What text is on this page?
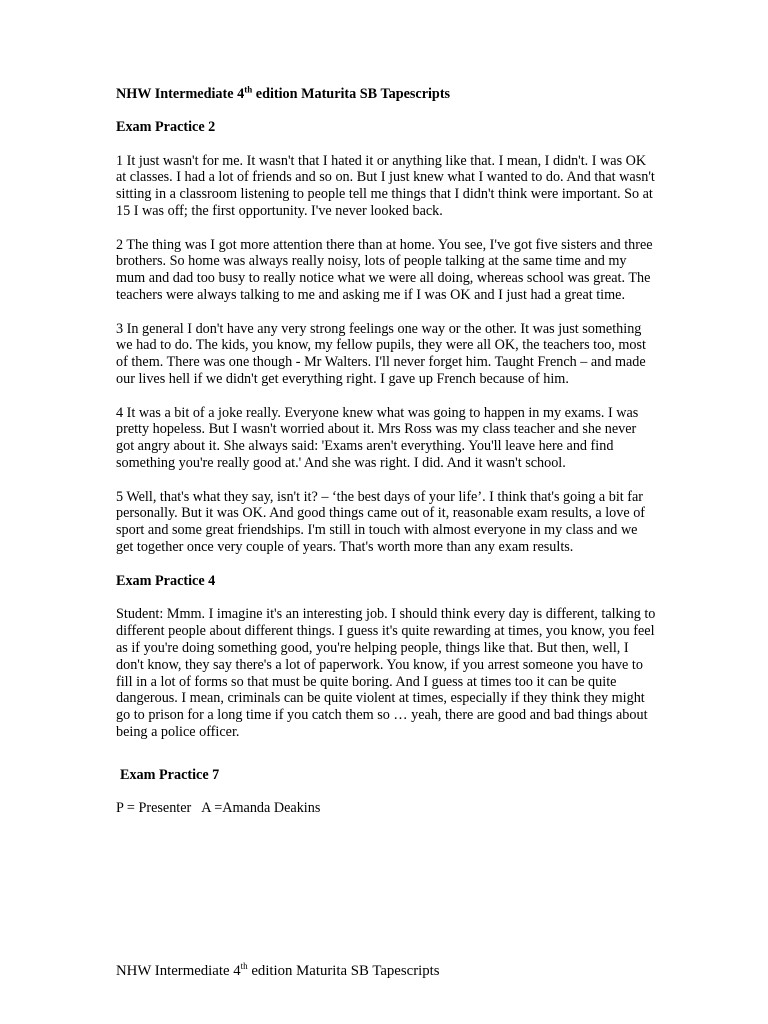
NHW Intermediate 4th edition Maturita SB Tapescripts
Exam Practice 2

1 It just wasn't for me. It wasn't that I hated it or anything like that. I mean, I didn't. I was OK at classes. I had a lot of friends and so on. But I just knew what I wanted to do. And that wasn't sitting in a classroom listening to people tell me things that I didn't think were important. So at 15 I was off; the first opportunity. I've never looked back.

2 The thing was I got more attention there than at home. You see, I've got five sisters and three brothers. So home was always really noisy, lots of people talking at the same time and my mum and dad too busy to really notice what we were all doing, whereas school was great. The teachers were always talking to me and asking me if I was OK and I just had a great time.

3 In general I don't have any very strong feelings one way or the other. It was just something we had to do. The kids, you know, my fellow pupils, they were all OK, the teachers too, most of them. There was one though - Mr Walters. I'll never forget him. Taught French – and made our lives hell if we didn't get everything right. I gave up French because of him.

4 It was a bit of a joke really. Everyone knew what was going to happen in my exams. I was pretty hopeless. But I wasn't worried about it. Mrs Ross was my class teacher and she never got angry about it. She always said: 'Exams aren't everything. You'll leave here and find something you're really good at.' And she was right. I did. And it wasn't school.

5 Well, that's what they say, isn't it? – ‘the best days of your life’. I think that's going a bit far personally. But it was OK. And good things came out of it, reasonable exam results, a love of sport and some great friendships. I'm still in touch with almost everyone in my class and we get together once very couple of years. That's worth more than any exam results.

Exam Practice 4

Student: Mmm. I imagine it's an interesting job. I should think every day is different, talking to different people about different things. I guess it's quite rewarding at times, you know, you feel as if you're doing something good, you're helping people, things like that. But then, well, I don't know, they say there's a lot of paperwork. You know, if you arrest someone you have to fill in a lot of forms so that must be quite boring. And I guess at times too it can be quite dangerous. I mean, criminals can be quite violent at times, especially if they think they might go to prison for a long time if you catch them so … yeah, there are good and bad things about being a police officer.

Exam Practice 7

P = Presenter A =Amanda Deakins

NHW Intermediate 4th edition Maturita SB Tapescripts
